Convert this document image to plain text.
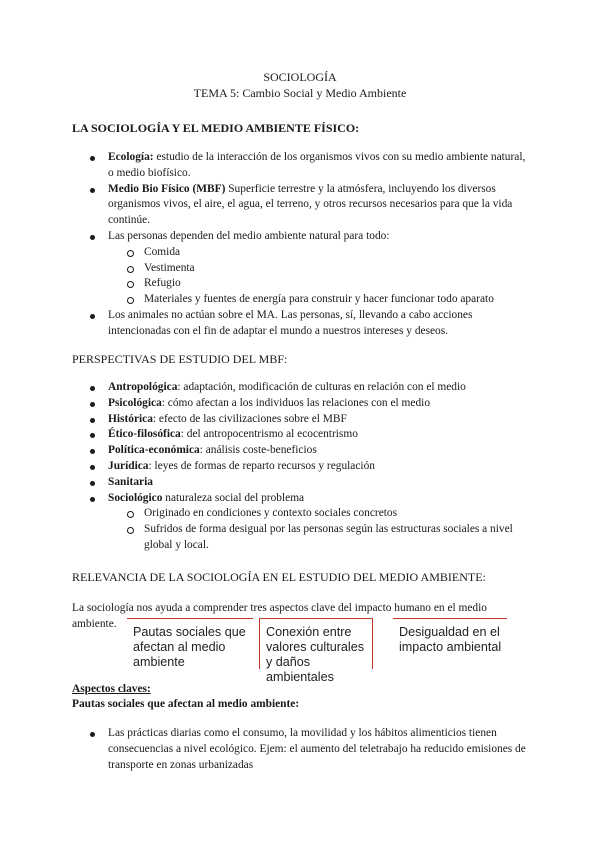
SOCIOLOGÍA
TEMA 5: Cambio Social y Medio Ambiente
LA SOCIOLOGÍA Y EL MEDIO AMBIENTE FÍSICO:
Ecología: estudio de la interacción de los organismos vivos con su medio ambiente natural, o medio biofísico.
Medio Bio Físico (MBF) Superficie terrestre y la atmósfera, incluyendo los diversos organismos vivos, el aire, el agua, el terreno, y otros recursos necesarios para que la vida continúe.
Las personas dependen del medio ambiente natural para todo:
Comida
Vestimenta
Refugio
Materiales y fuentes de energía para construir y hacer funcionar todo aparato
Los animales no actúan sobre el MA. Las personas, sí, llevando a cabo acciones intencionadas con el fin de adaptar el mundo a nuestros intereses y deseos.
PERSPECTIVAS DE ESTUDIO DEL MBF:
Antropológica: adaptación, modificación de culturas en relación con el medio
Psicológica: cómo afectan a los individuos las relaciones con el medio
Histórica: efecto de las civilizaciones sobre el MBF
Ético-filosófica: del antropocentrismo al ecocentrismo
Política-económica: análisis coste-beneficios
Jurídica: leyes de formas de reparto recursos y regulación
Sanitaria
Sociológico naturaleza social del problema
Originado en condiciones y contexto sociales concretos
Sufridos de forma desigual por las personas según las estructuras sociales a nivel global y local.
RELEVANCIA DE LA SOCIOLOGÍA EN EL ESTUDIO DEL MEDIO AMBIENTE:
La sociología nos ayuda a comprender tres aspectos clave del impacto humano en el medio ambiente.
Pautas sociales que afectan al medio ambiente
Conexión entre valores culturales y daños ambientales
Desigualdad en el impacto ambiental
Aspectos claves:
Pautas sociales que afectan al medio ambiente:
Las prácticas diarias como el consumo, la movilidad y los hábitos alimenticios tienen consecuencias a nivel ecológico. Ejem: el aumento del teletrabajo ha reducido emisiones de transporte en zonas urbanizadas
